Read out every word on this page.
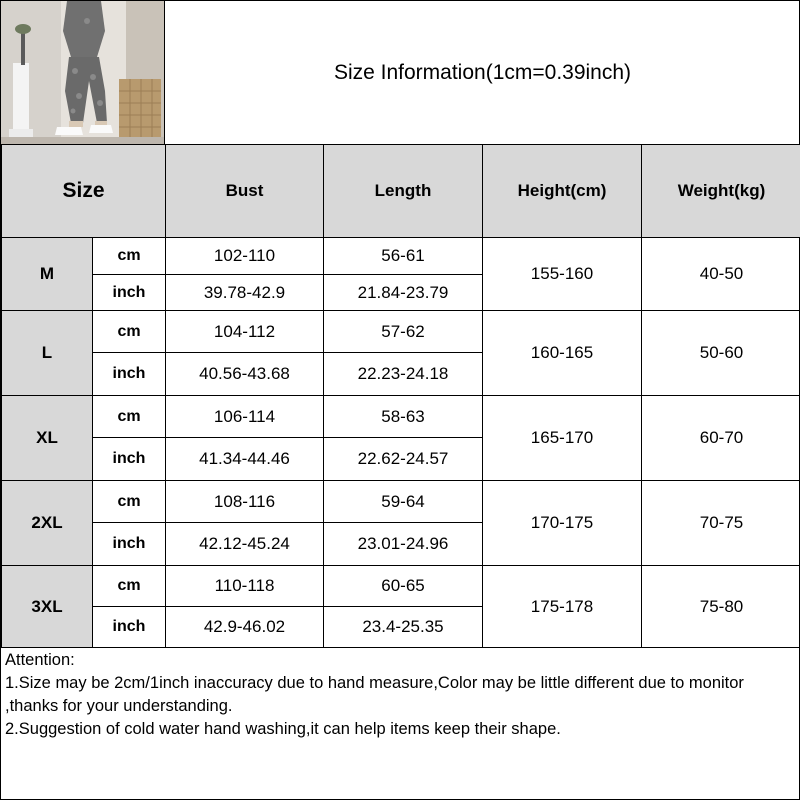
Size Information(1cm=0.39inch)
Size		Bust	Length	Height(cm)	Weight(kg)
M	cm	102-110	56-61	155-160	40-50
	inch	39.78-42.9	21.84-23.79		
L	cm	104-112	57-62	160-165	50-60
	inch	40.56-43.68	22.23-24.18		
XL	cm	106-114	58-63	165-170	60-70
	inch	41.34-44.46	22.62-24.57		
2XL	cm	108-116	59-64	170-175	70-75
	inch	42.12-45.24	23.01-24.96		
3XL	cm	110-118	60-65	175-178	75-80
	inch	42.9-46.02	23.4-25.35		
Attention:
1.Size may be 2cm/1inch inaccuracy due to hand measure,Color may be little different due to monitor ,thanks for your understanding.
2.Suggestion of cold water hand washing,it can help items keep their shape.
